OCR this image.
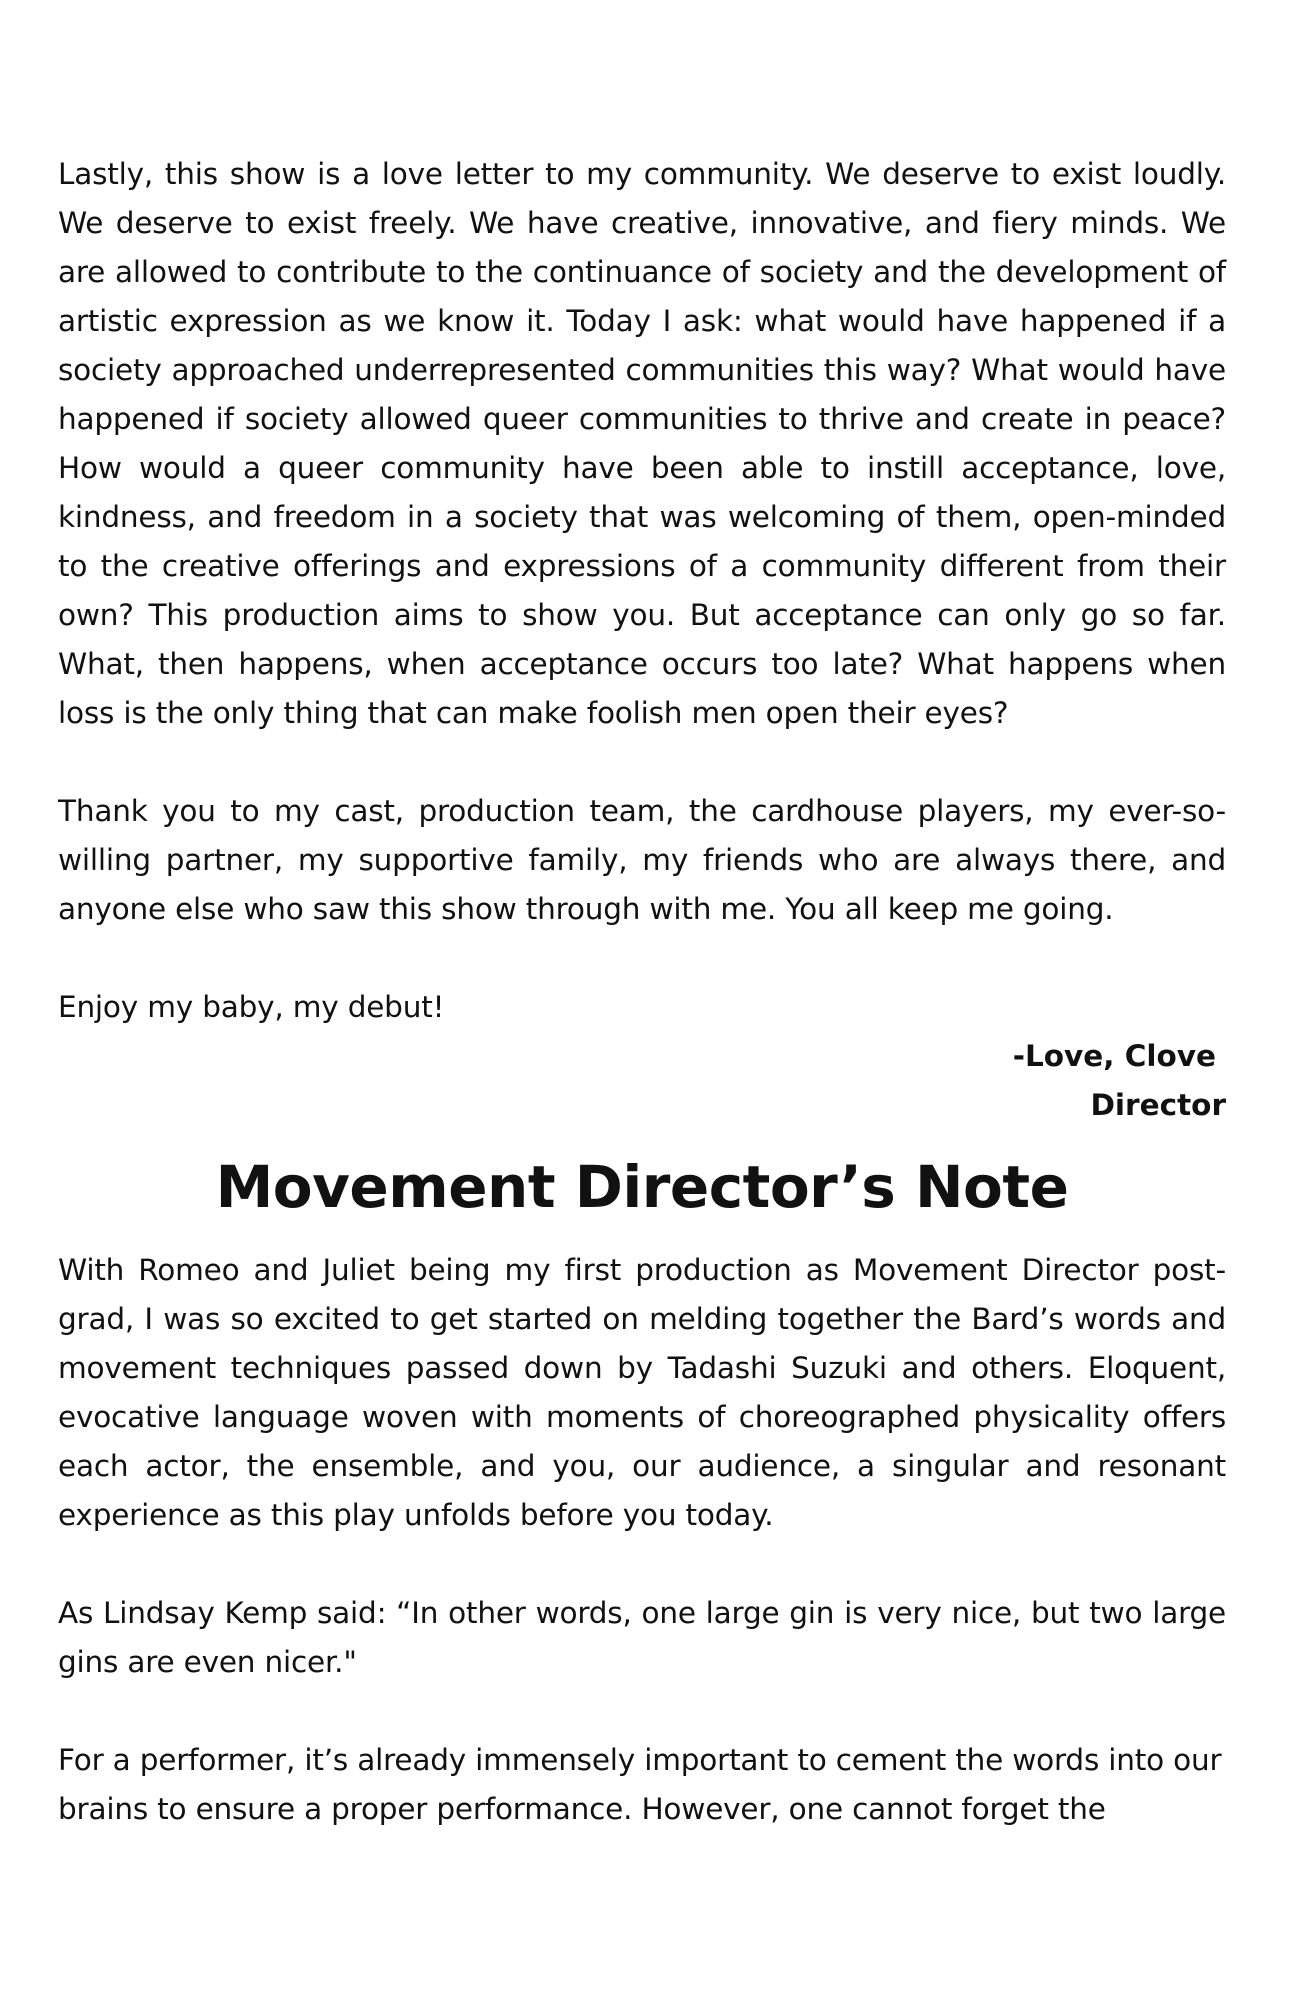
Lastly, this show is a love letter to my community. We deserve to exist loudly. We deserve to exist freely. We have creative, innovative, and fiery minds. We are allowed to contribute to the continuance of society and the development of artistic expression as we know it. Today I ask: what would have happened if a society approached underrepresented communities this way? What would have happened if society allowed queer communities to thrive and create in peace? How would a queer community have been able to instill acceptance, love, kindness, and freedom in a society that was welcoming of them, open-minded to the creative offerings and expressions of a community different from their own? This production aims to show you. But acceptance can only go so far. What, then happens, when acceptance occurs too late? What happens when loss is the only thing that can make foolish men open their eyes?

Thank you to my cast, production team, the cardhouse players, my ever-so-willing partner, my supportive family, my friends who are always there, and anyone else who saw this show through with me. You all keep me going.

Enjoy my baby, my debut!

-Love, Clove

Director

Movement Director’s Note

With Romeo and Juliet being my first production as Movement Director post-grad, I was so excited to get started on melding together the Bard’s words and movement techniques passed down by Tadashi Suzuki and others. Eloquent, evocative language woven with moments of choreographed physicality offers each actor, the ensemble, and you, our audience, a singular and resonant experience as this play unfolds before you today.

As Lindsay Kemp said: “In other words, one large gin is very nice, but two large gins are even nicer."

For a performer, it’s already immensely important to cement the words into our brains to ensure a proper performance. However, one cannot forget the
